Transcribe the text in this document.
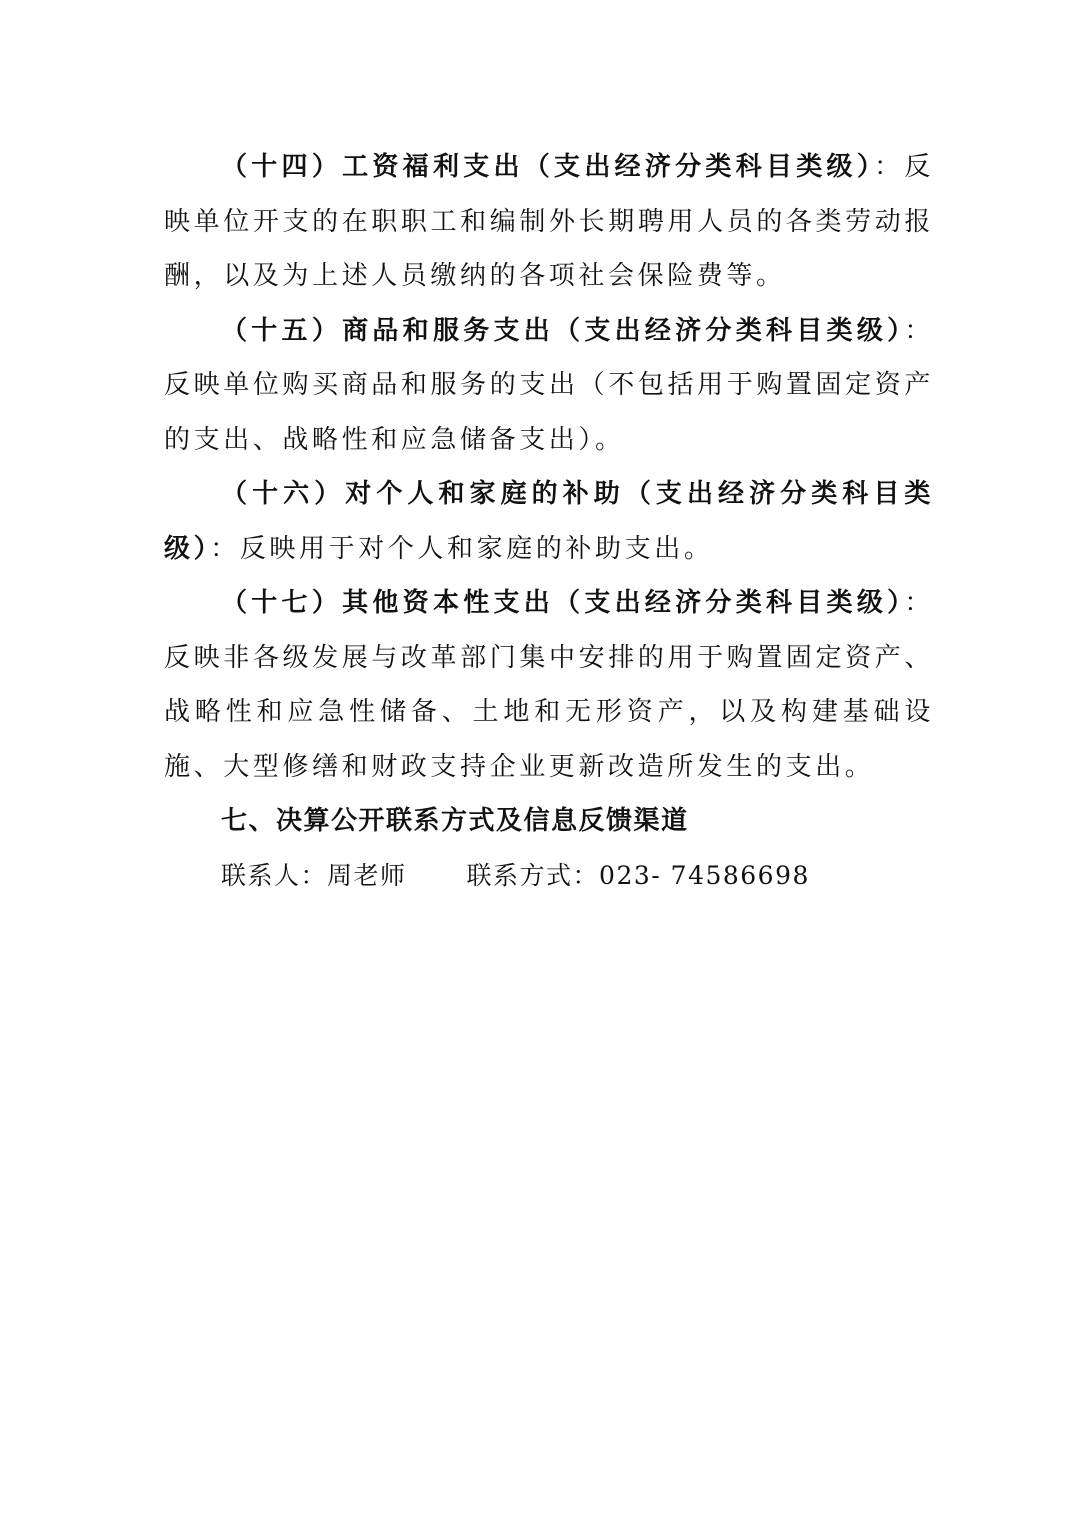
（十四）工资福利支出（支出经济分类科目类级）：反映单位开支的在职职工和编制外长期聘用人员的各类劳动报酬，以及为上述人员缴纳的各项社会保险费等。

（十五）商品和服务支出（支出经济分类科目类级）：反映单位购买商品和服务的支出（不包括用于购置固定资产的支出、战略性和应急储备支出）。

（十六）对个人和家庭的补助（支出经济分类科目类级）：反映用于对个人和家庭的补助支出。

（十七）其他资本性支出（支出经济分类科目类级）：反映非各级发展与改革部门集中安排的用于购置固定资产、战略性和应急性储备、土地和无形资产，以及构建基础设施、大型修缮和财政支持企业更新改造所发生的支出。

七、决算公开联系方式及信息反馈渠道

联系人：周老师 联系方式：023- 74586698
